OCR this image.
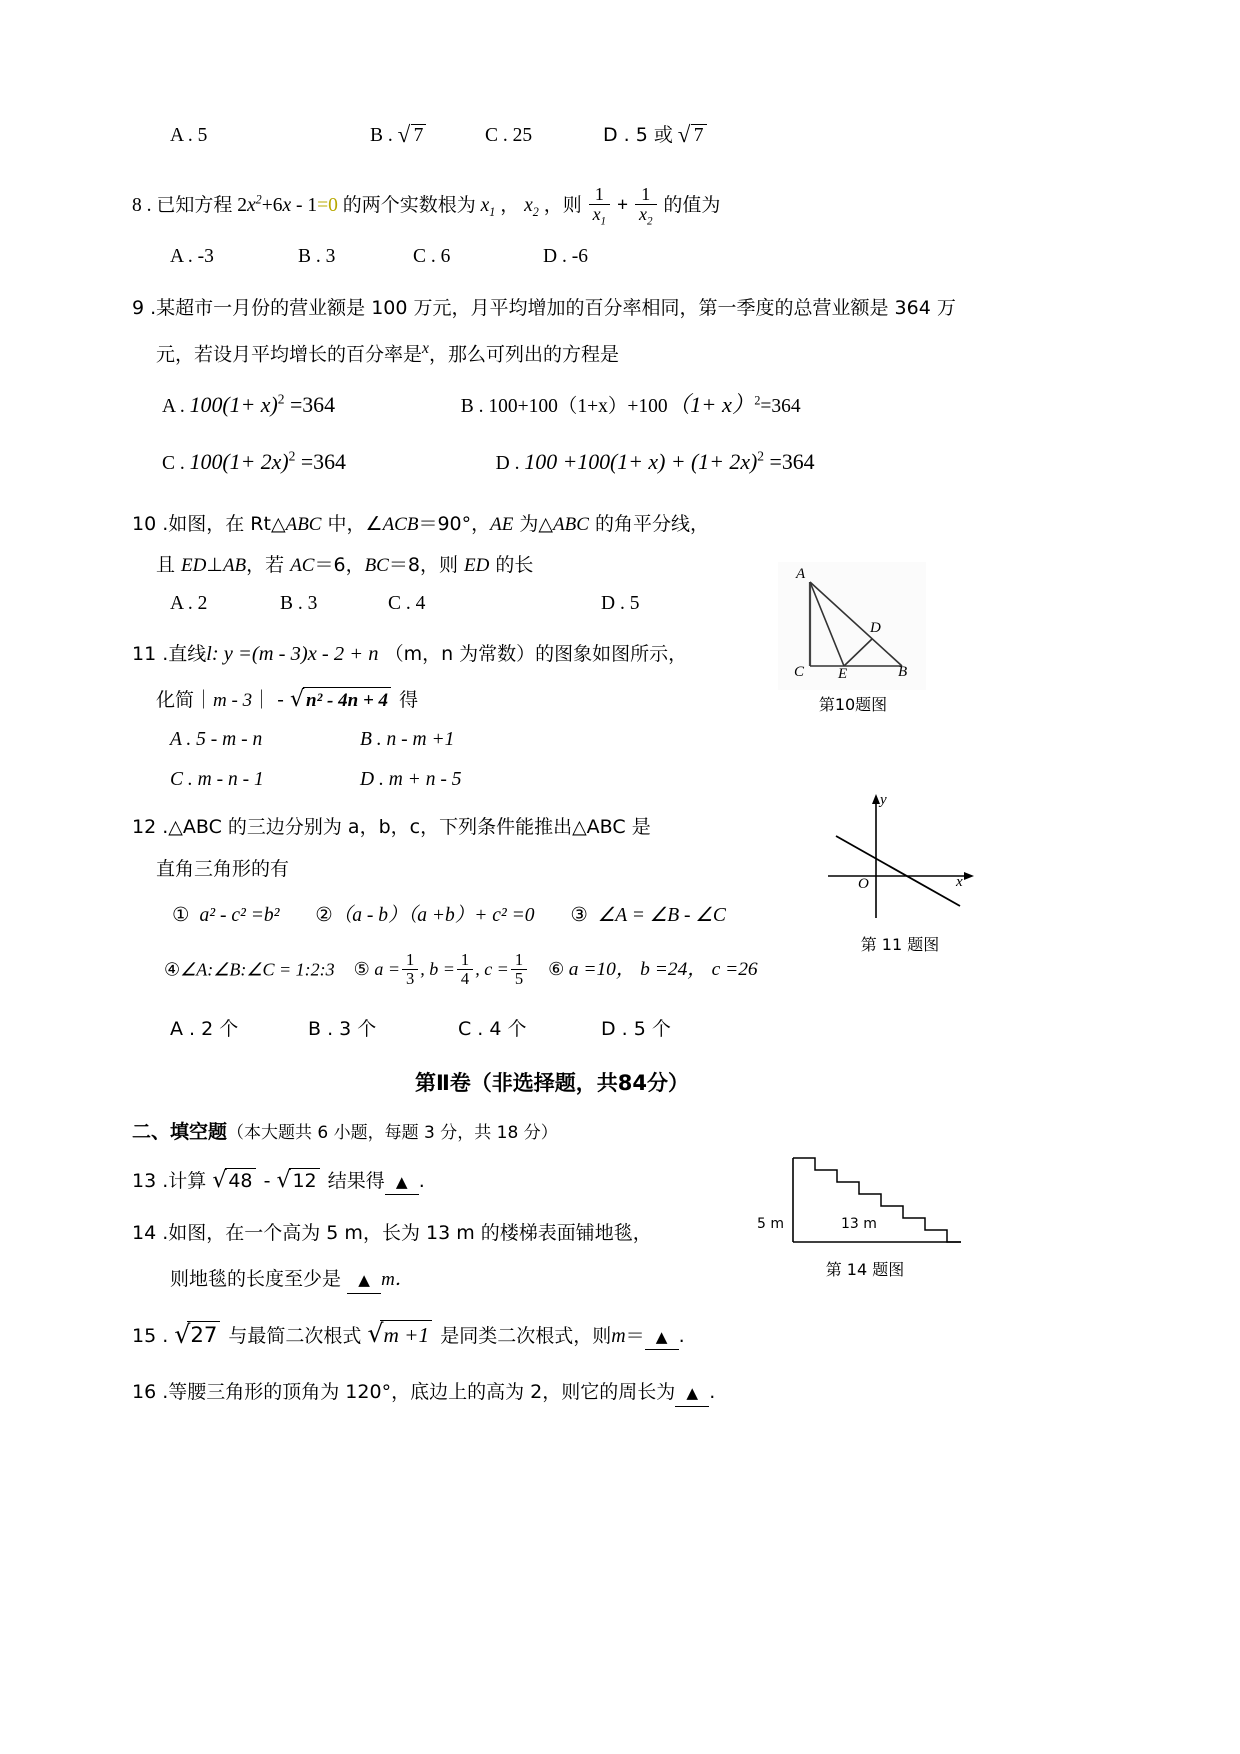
A
D
C E	B
第10题图
y
x
O
第 11 题图
5 m	13 m
第 14 题图
A . 5	B . √ 7	C . 25	D . 5 或 √ 7
8 . 已知方程 $2x^2+6x - 1=0$ 的两个实数根为 $x_1$ ， $x_2$ ，则 $\frac{1}{x_1} + \frac{1}{x_2}$ 的值为
A . -3	B . 3	C . 6	D . -6
9 .某超市一月份的营业额是 100 万元，月平均增加的百分率相同，第一季度的总营业额是 364 万
元，若设月平均增长的百分率是$^x$，那么可列出的方程是
A . $100(1+ x)^2 =364$	B . $100+100(1+x)+100(1+ x)^2=364$
C . $100(1+ 2x)^2 =364$	D . $100 +100(1+ x) + (1+ 2x)^2 =364$
10 .如图，在 Rt△ABC 中，∠ACB＝90°，AE 为△ABC 的角平分线，
且 ED⊥AB，若 AC＝6，BC＝8，则 ED 的长
A . 2	B . 3	C . 4	D . 5
11 .直线l: y =(m - 3)x - 2 + n （m，n 为常数）的图象如图所示，
化简｜m - 3｜ - √ n² - 4n + 4 得
A . 5 - m - n	B . n - m +1
C . m - n - 1	D . m + n - 5
12 .△ABC 的三边分别为 a，b，c，下列条件能推出△ABC 是
直角三角形的有
① a² - c² =b² ②（a - b）（a +b）+ c² =0 ③ ∠A = ∠B - ∠C
④∠A:∠B:∠C = 1:2:3 ⑤ $a = \frac{1}{3}$ , $b = \frac{1}{4}$ , $c = \frac{1}{5}$ ⑥ a =10， b =24， c =26
A . 2 个	B . 3 个	C . 4 个	D . 5 个
第Ⅱ卷（非选择题，共84分）
二、填空题（本大题共 6 小题，每题 3 分，共 18 分）
13 .计算 √ 48 - √ 12 结果得 ▲ .
14 .如图，在一个高为 5 m，长为 13 m 的楼梯表面铺地毯，
则地毯的长度至少是 ▲ m．
15 . √ 27 与最简二次根式 √ m +1 是同类二次根式，则m＝ ▲ .
16 .等腰三角形的顶角为 120°，底边上的高为 2，则它的周长为 ▲ .
